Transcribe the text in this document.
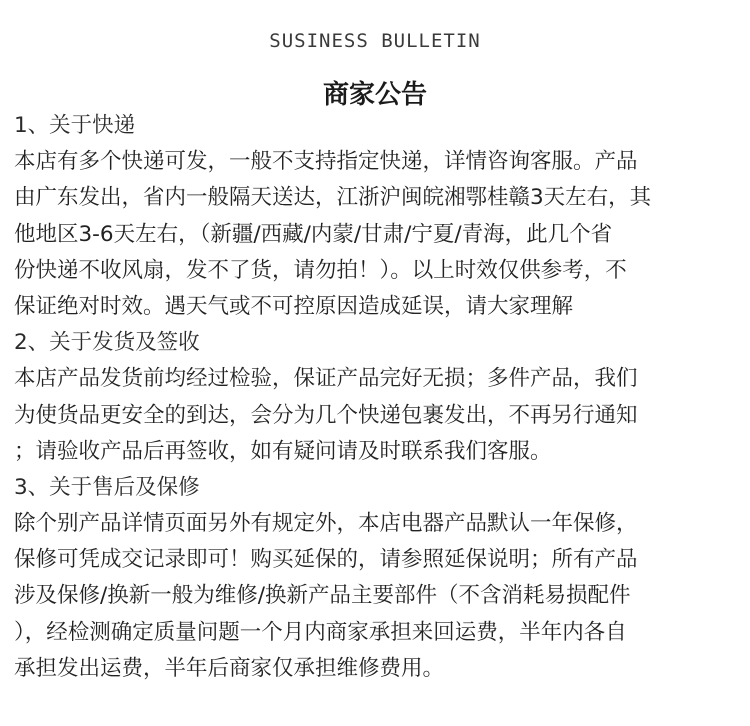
SUSINESS BULLETIN
商家公告
1、关于快递
本店有多个快递可发，一般不支持指定快递，详情咨询客服。产品
由广东发出，省内一般隔天送达，江浙沪闽皖湘鄂桂赣3天左右，其
他地区3-6天左右，（新疆/西藏/内蒙/甘肃/宁夏/青海，此几个省
份快递不收风扇，发不了货，请勿拍！）。以上时效仅供参考，不
保证绝对时效。遇天气或不可控原因造成延误，请大家理解
2、关于发货及签收
本店产品发货前均经过检验，保证产品完好无损；多件产品，我们
为使货品更安全的到达，会分为几个快递包裹发出，不再另行通知
；请验收产品后再签收，如有疑问请及时联系我们客服。
3、关于售后及保修
除个别产品详情页面另外有规定外，本店电器产品默认一年保修，
保修可凭成交记录即可！购买延保的，请参照延保说明；所有产品
涉及保修/换新一般为维修/换新产品主要部件（不含消耗易损配件
），经检测确定质量问题一个月内商家承担来回运费，半年内各自
承担发出运费，半年后商家仅承担维修费用。
